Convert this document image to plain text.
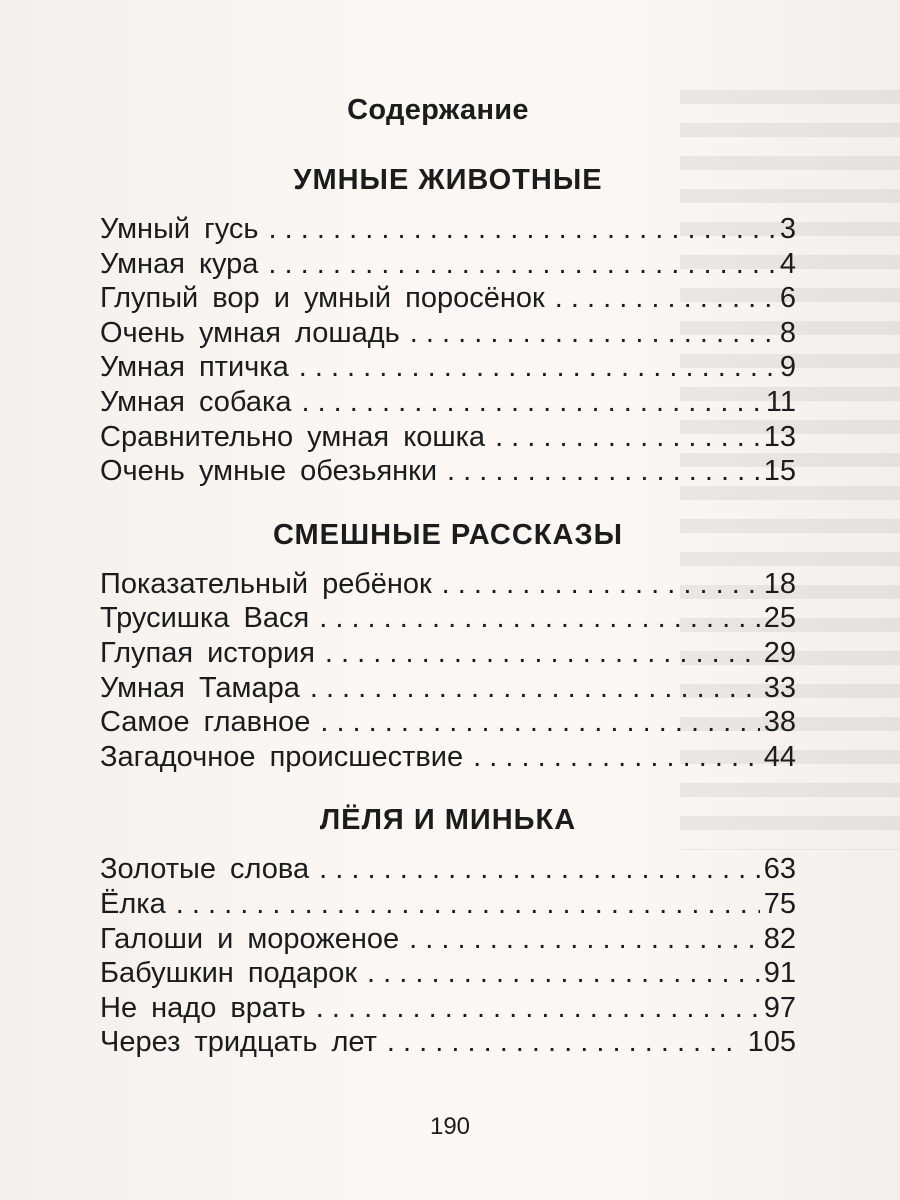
Содержание
УМНЫЕ ЖИВОТНЫЕ
Умный гусь . . .	3
Умная кура . . .	4
Глупый вор и умный поросёнок . . .	6
Очень умная лошадь . . .	8
Умная птичка . . .	9
Умная собака . . .	11
Сравнительно умная кошка . . .	13
Очень умные обезьянки . . .	15
СМЕШНЫЕ РАССКАЗЫ
Показательный ребёнок . . .	18
Трусишка Вася . . .	25
Глупая история . . .	29
Умная Тамара . . .	33
Самое главное . . .	38
Загадочное происшествие . . .	44
ЛЁЛЯ И МИНЬКА
Золотые слова . . .	63
Ёлка . . .	75
Галоши и мороженое . . .	82
Бабушкин подарок . . .	91
Не надо врать . . .	97
Через тридцать лет . . .	105
190
